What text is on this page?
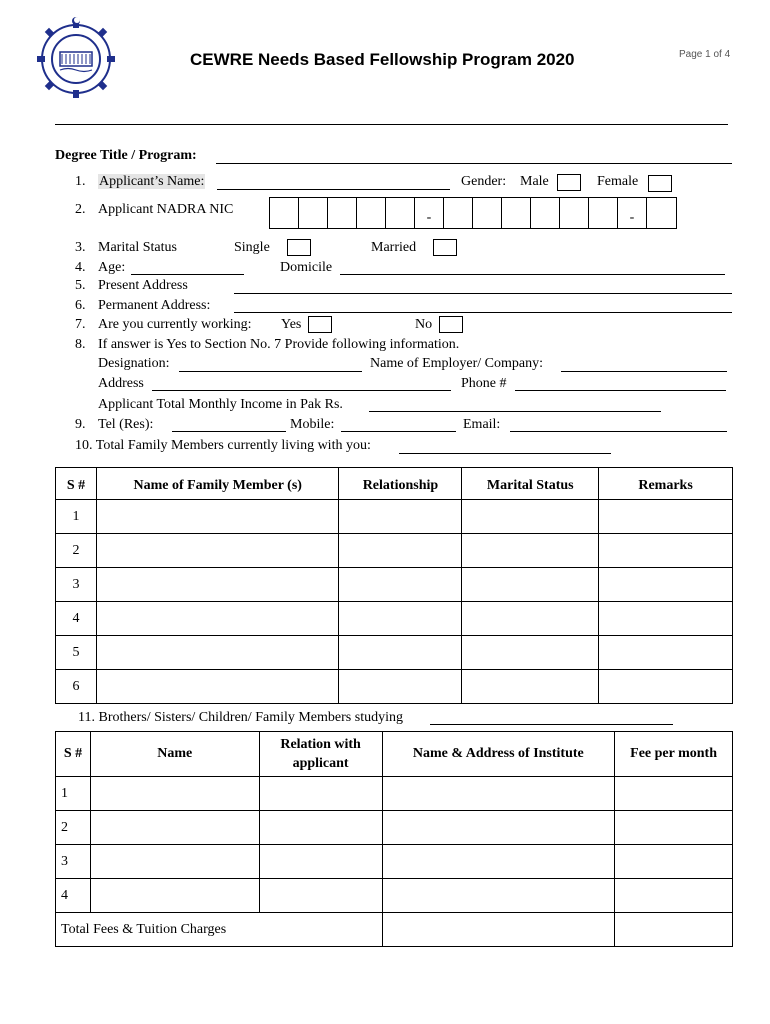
CEWRE Needs Based Fellowship Program 2020	Page 1 of 4
Degree Title / Program:
1. Applicant’s Name:	Gender: Male	Female
2. Applicant NADRA NIC
-	-
3. Marital Status	Single	Married
4. Age:	Domicile
5. Present Address
6. Permanent Address:
7. Are you currently working: Yes	No
8. If answer is Yes to Section No. 7 Provide following information.
Designation:	Name of Employer/ Company:
Address	Phone #
Applicant Total Monthly Income in Pak Rs.
9. Tel (Res):	Mobile:	Email:
10. Total Family Members currently living with you:
S #	Name of Family Member (s)	Relationship	Marital Status	Remarks
1				
2				
3				
4				
5				
6				
11. Brothers/ Sisters/ Children/ Family Members studying
S #	Name	Relation with applicant	Name & Address of Institute	Fee per month
1				
2				
3				
4				
Total Fees & Tuition Charges				
